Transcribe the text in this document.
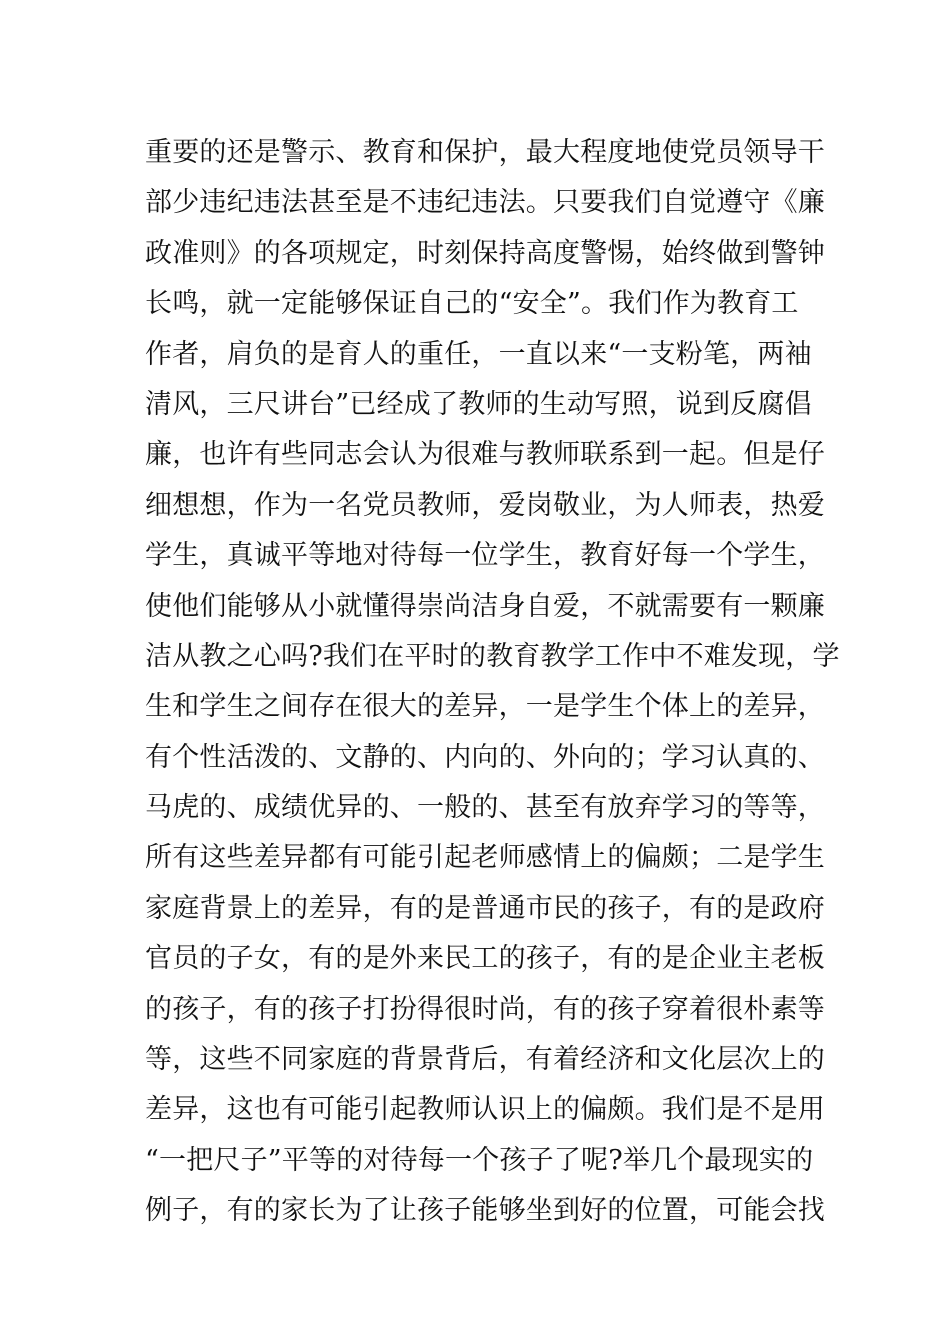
重要的还是警示、教育和保护，最大程度地使党员领导干
部少违纪违法甚至是不违纪违法。只要我们自觉遵守《廉
政准则》的各项规定，时刻保持高度警惕，始终做到警钟
长鸣，就一定能够保证自己的“安全”。我们作为教育工
作者，肩负的是育人的重任，一直以来“一支粉笔，两袖
清风，三尺讲台”已经成了教师的生动写照，说到反腐倡
廉，也许有些同志会认为很难与教师联系到一起。但是仔
细想想，作为一名党员教师，爱岗敬业，为人师表，热爱
学生，真诚平等地对待每一位学生，教育好每一个学生，
使他们能够从小就懂得崇尚洁身自爱，不就需要有一颗廉
洁从教之心吗?我们在平时的教育教学工作中不难发现，学
生和学生之间存在很大的差异，一是学生个体上的差异，
有个性活泼的、文静的、内向的、外向的；学习认真的、
马虎的、成绩优异的、一般的、甚至有放弃学习的等等，
所有这些差异都有可能引起老师感情上的偏颇；二是学生
家庭背景上的差异，有的是普通市民的孩子，有的是政府
官员的子女，有的是外来民工的孩子，有的是企业主老板
的孩子，有的孩子打扮得很时尚，有的孩子穿着很朴素等
等，这些不同家庭的背景背后，有着经济和文化层次上的
差异，这也有可能引起教师认识上的偏颇。我们是不是用
“一把尺子”平等的对待每一个孩子了呢?举几个最现实的
例子，有的家长为了让孩子能够坐到好的位置，可能会找
